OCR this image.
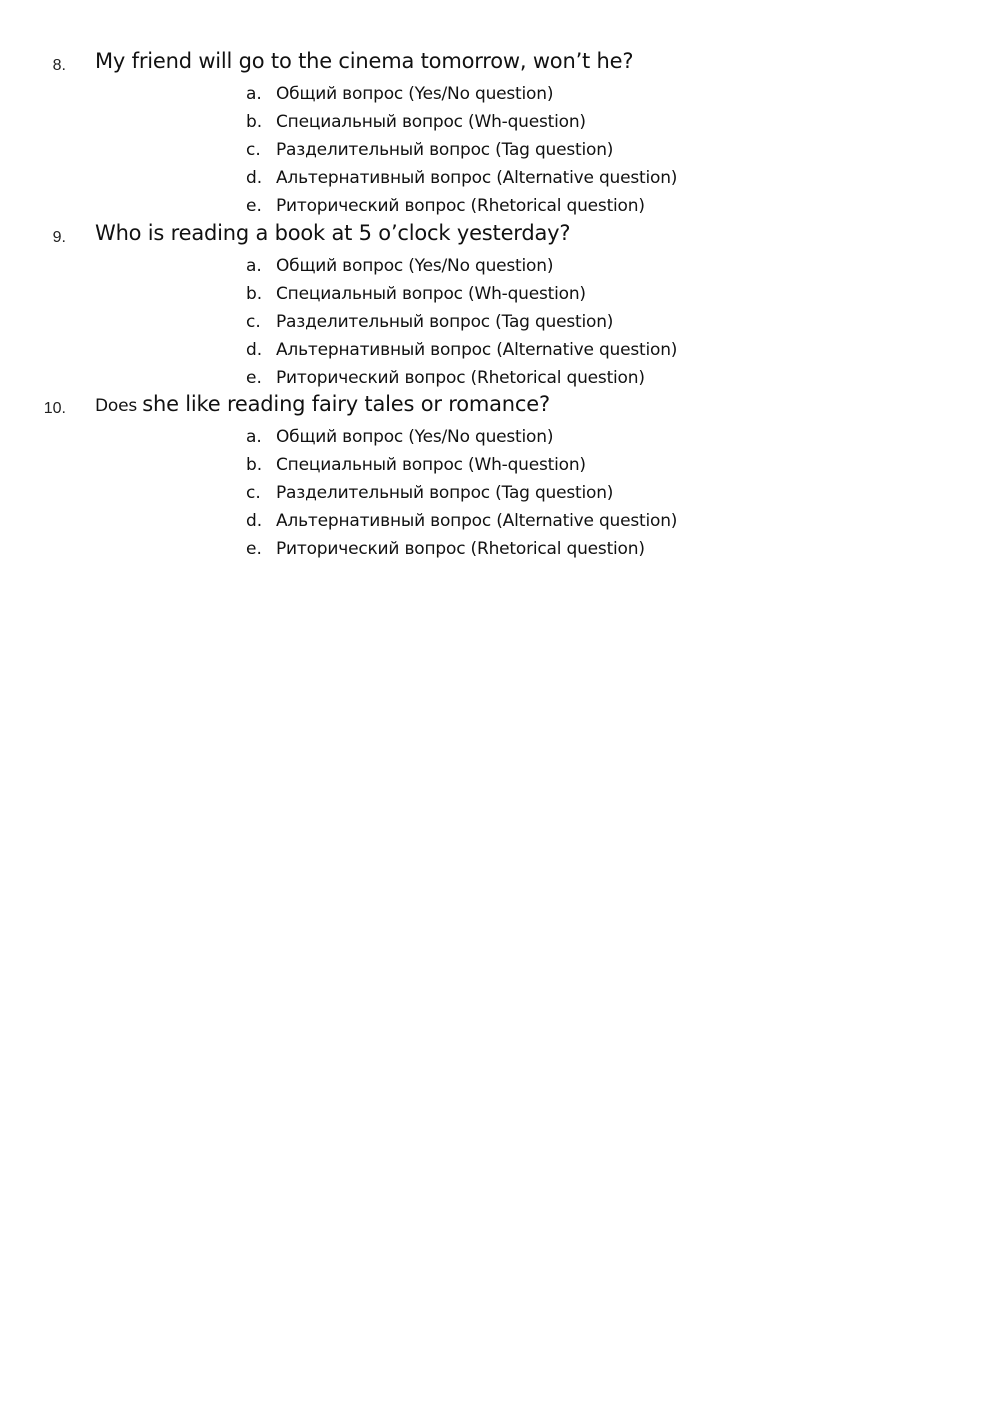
8. My friend will go to the cinema tomorrow, won’t he?
a. Общий вопрос (Yes/No question)
b. Специальный вопрос (Wh-question)
c. Разделительный вопрос (Tag question)
d. Альтернативный вопрос (Alternative question)
e. Риторический вопрос (Rhetorical question)
9. Who is reading a book at 5 o’clock yesterday?
a. Общий вопрос (Yes/No question)
b. Специальный вопрос (Wh-question)
c. Разделительный вопрос (Tag question)
d. Альтернативный вопрос (Alternative question)
e. Риторический вопрос (Rhetorical question)
10. Does she like reading fairy tales or romance?
a. Общий вопрос (Yes/No question)
b. Специальный вопрос (Wh-question)
c. Разделительный вопрос (Tag question)
d. Альтернативный вопрос (Alternative question)
e. Риторический вопрос (Rhetorical question)
